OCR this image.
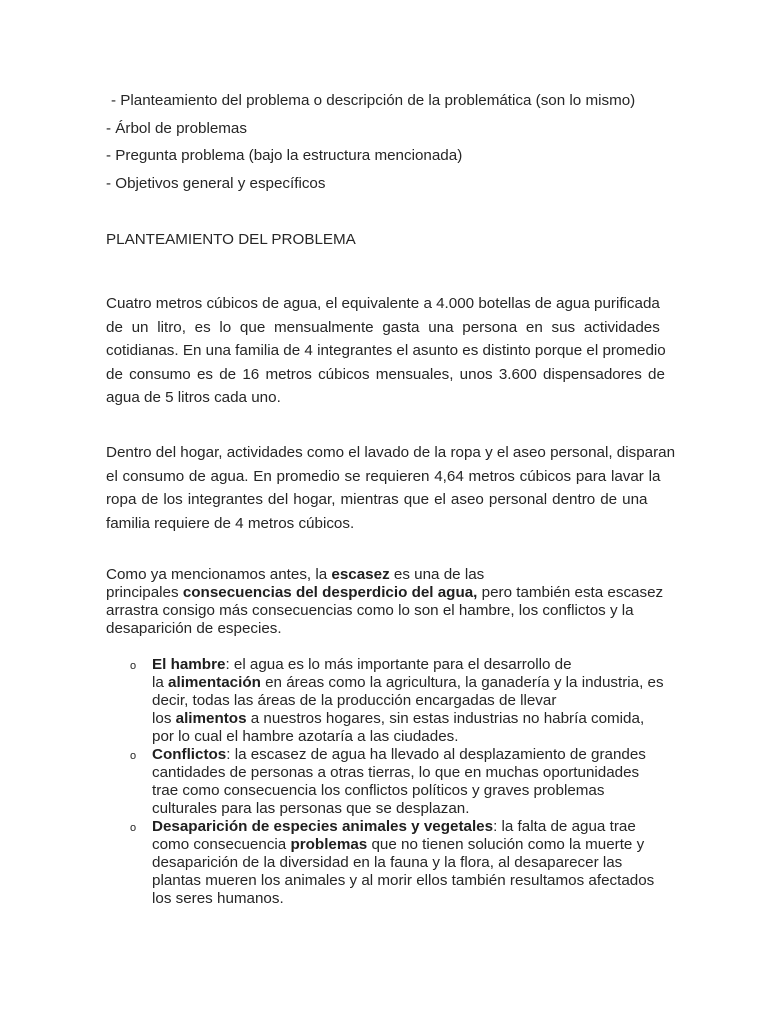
- Planteamiento del problema o descripción de la problemática (son lo mismo)
- Árbol de problemas
- Pregunta problema (bajo la estructura mencionada)
- Objetivos general y específicos
PLANTEAMIENTO DEL PROBLEMA
Cuatro metros cúbicos de agua, el equivalente a 4.000 botellas de agua purificada
de un litro, es lo que mensualmente gasta una persona en sus actividades
cotidianas. En una familia de 4 integrantes el asunto es distinto porque el promedio
de consumo es de 16 metros cúbicos mensuales, unos 3.600 dispensadores de
agua de 5 litros cada uno.
Dentro del hogar, actividades como el lavado de la ropa y el aseo personal, disparan
el consumo de agua. En promedio se requieren 4,64 metros cúbicos para lavar la
ropa de los integrantes del hogar, mientras que el aseo personal dentro de una
familia requiere de 4 metros cúbicos.
Como ya mencionamos antes, la escasez es una de las
principales consecuencias del desperdicio del agua, pero también esta escasez
arrastra consigo más consecuencias como lo son el hambre, los conflictos y la
desaparición de especies.
o El hambre: el agua es lo más importante para el desarrollo de
la alimentación en áreas como la agricultura, la ganadería y la industria, es
decir, todas las áreas de la producción encargadas de llevar
los alimentos a nuestros hogares, sin estas industrias no habría comida,
por lo cual el hambre azotaría a las ciudades.
o Conflictos: la escasez de agua ha llevado al desplazamiento de grandes
cantidades de personas a otras tierras, lo que en muchas oportunidades
trae como consecuencia los conflictos políticos y graves problemas
culturales para las personas que se desplazan.
o Desaparición de especies animales y vegetales: la falta de agua trae
como consecuencia problemas que no tienen solución como la muerte y
desaparición de la diversidad en la fauna y la flora, al desaparecer las
plantas mueren los animales y al morir ellos también resultamos afectados
los seres humanos.
